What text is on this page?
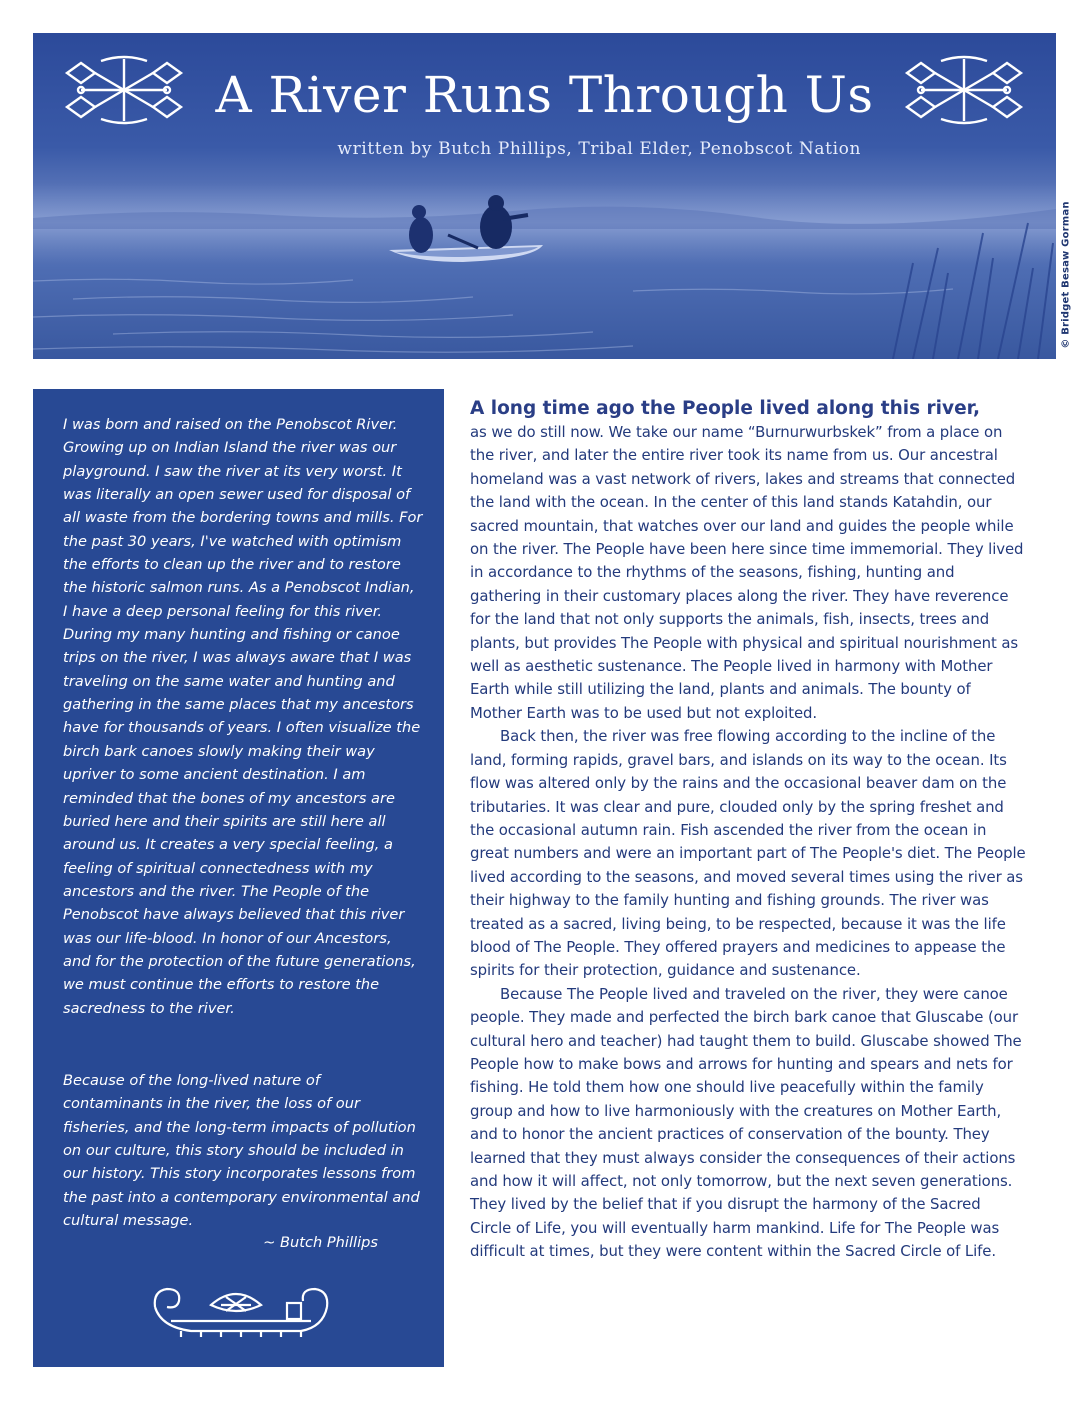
A River Runs Through Us
written by Butch Phillips, Tribal Elder, Penobscot Nation
© Bridget Besaw Gorman

I was born and raised on the Penobscot River. Growing up on Indian Island the river was our playground. I saw the river at its very worst. It was literally an open sewer used for disposal of all waste from the bordering towns and mills. For the past 30 years, I've watched with optimism the efforts to clean up the river and to restore the historic salmon runs. As a Penobscot Indian, I have a deep personal feeling for this river. During my many hunting and fishing or canoe trips on the river, I was always aware that I was traveling on the same water and hunting and gathering in the same places that my ancestors have for thousands of years. I often visualize the birch bark canoes slowly making their way upriver to some ancient destination. I am reminded that the bones of my ancestors are buried here and their spirits are still here all around us. It creates a very special feeling, a feeling of spiritual connectedness with my ancestors and the river. The People of the Penobscot have always believed that this river was our life-blood. In honor of our Ancestors, and for the protection of the future generations, we must continue the efforts to restore the sacredness to the river.

Because of the long-lived nature of contaminants in the river, the loss of our fisheries, and the long-term impacts of pollution on our culture, this story should be included in our history. This story incorporates lessons from the past into a contemporary environmental and cultural message.

~ Butch Phillips

A long time ago the People lived along this river,

as we do still now. We take our name “Burnurwurbskek” from a place on the river, and later the entire river took its name from us. Our ancestral homeland was a vast network of rivers, lakes and streams that connected the land with the ocean. In the center of this land stands Katahdin, our sacred mountain, that watches over our land and guides the people while on the river. The People have been here since time immemorial. They lived in accordance to the rhythms of the seasons, fishing, hunting and gathering in their customary places along the river. They have reverence for the land that not only supports the animals, fish, insects, trees and plants, but provides The People with physical and spiritual nourishment as well as aesthetic sustenance. The People lived in harmony with Mother Earth while still utilizing the land, plants and animals. The bounty of Mother Earth was to be used but not exploited.

Back then, the river was free flowing according to the incline of the land, forming rapids, gravel bars, and islands on its way to the ocean. Its flow was altered only by the rains and the occasional beaver dam on the tributaries. It was clear and pure, clouded only by the spring freshet and the occasional autumn rain. Fish ascended the river from the ocean in great numbers and were an important part of The People's diet. The People lived according to the seasons, and moved several times using the river as their highway to the family hunting and fishing grounds. The river was treated as a sacred, living being, to be respected, because it was the life blood of The People. They offered prayers and medicines to appease the spirits for their protection, guidance and sustenance.

Because The People lived and traveled on the river, they were canoe people. They made and perfected the birch bark canoe that Gluscabe (our cultural hero and teacher) had taught them to build. Gluscabe showed The People how to make bows and arrows for hunting and spears and nets for fishing. He told them how one should live peacefully within the family group and how to live harmoniously with the creatures on Mother Earth, and to honor the ancient practices of conservation of the bounty. They learned that they must always consider the consequences of their actions and how it will affect, not only tomorrow, but the next seven generations. They lived by the belief that if you disrupt the harmony of the Sacred Circle of Life, you will eventually harm mankind. Life for The People was difficult at times, but they were content within the Sacred Circle of Life.
